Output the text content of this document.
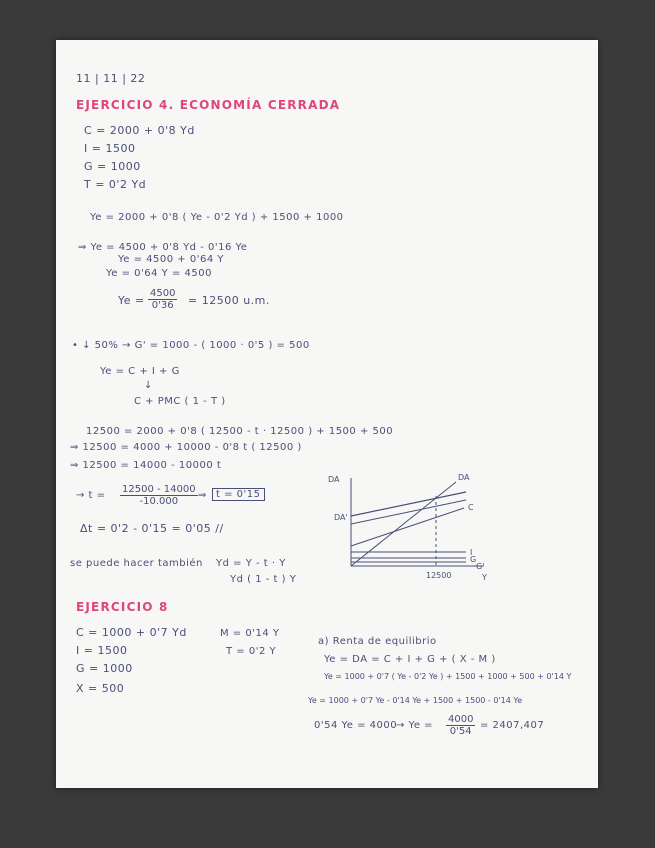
11 | 11 | 22
EJERCICIO 4. ECONOMÍA CERRADA
C = 2000 + 0'8 Yd
I = 1500
G = 1000
T = 0'2 Yd
Ye = 2000 + 0'8 ( Ye - 0'2 Yd ) + 1500 + 1000
⇒ Ye = 4500 + 0'8 Yd - 0'16 Ye
Ye = 4500 + 0'64 Y
Ye = 0'64 Y = 4500
$Ye = \frac{4500}{0'36} = 12500$ u.m.
• ↓ 50% → G' = 1000 - ( 1000 · 0'5 ) = 500
Ye = C + I + G
↓
C + PMC ( 1 - T )
12500 = 2000 + 0'8 ( 12500 - t · 12500 ) + 1500 + 500
⇒ 12500 = 4000 + 10000 - 0'8 t ( 12500 )
⇒ 12500 = 14000 - 10000 t
→ $t = \frac{12500 - 14000}{-10.000}$ ⇒ t = 0'15
Δt = 0'2 - 0'15 = 0'05 //
se puede hacer también Yd = Y - t · Y
Yd ( 1 - t ) Y
DA	DA
DA'
C
I
G
G'
12500	Y
EJERCICIO 8
C = 1000 + 0'7 Yd
I = 1500
G = 1000
X = 500
M = 0'14 Y
T = 0'2 Y
a) Renta de equilibrio
Ye = DA = C + I + G + ( X - M )
Ye = 1000 + 0'7 ( Ye - 0'2 Ye ) + 1500 + 1000 + 500 + 0'14 Y
Ye = 1000 + 0'7 Ye - 0'14 Ye + 1500 + 1500 - 0'14 Ye
0'54 Ye = 4000
→ $Ye = \frac{4000}{0'54} = 2407,407$
